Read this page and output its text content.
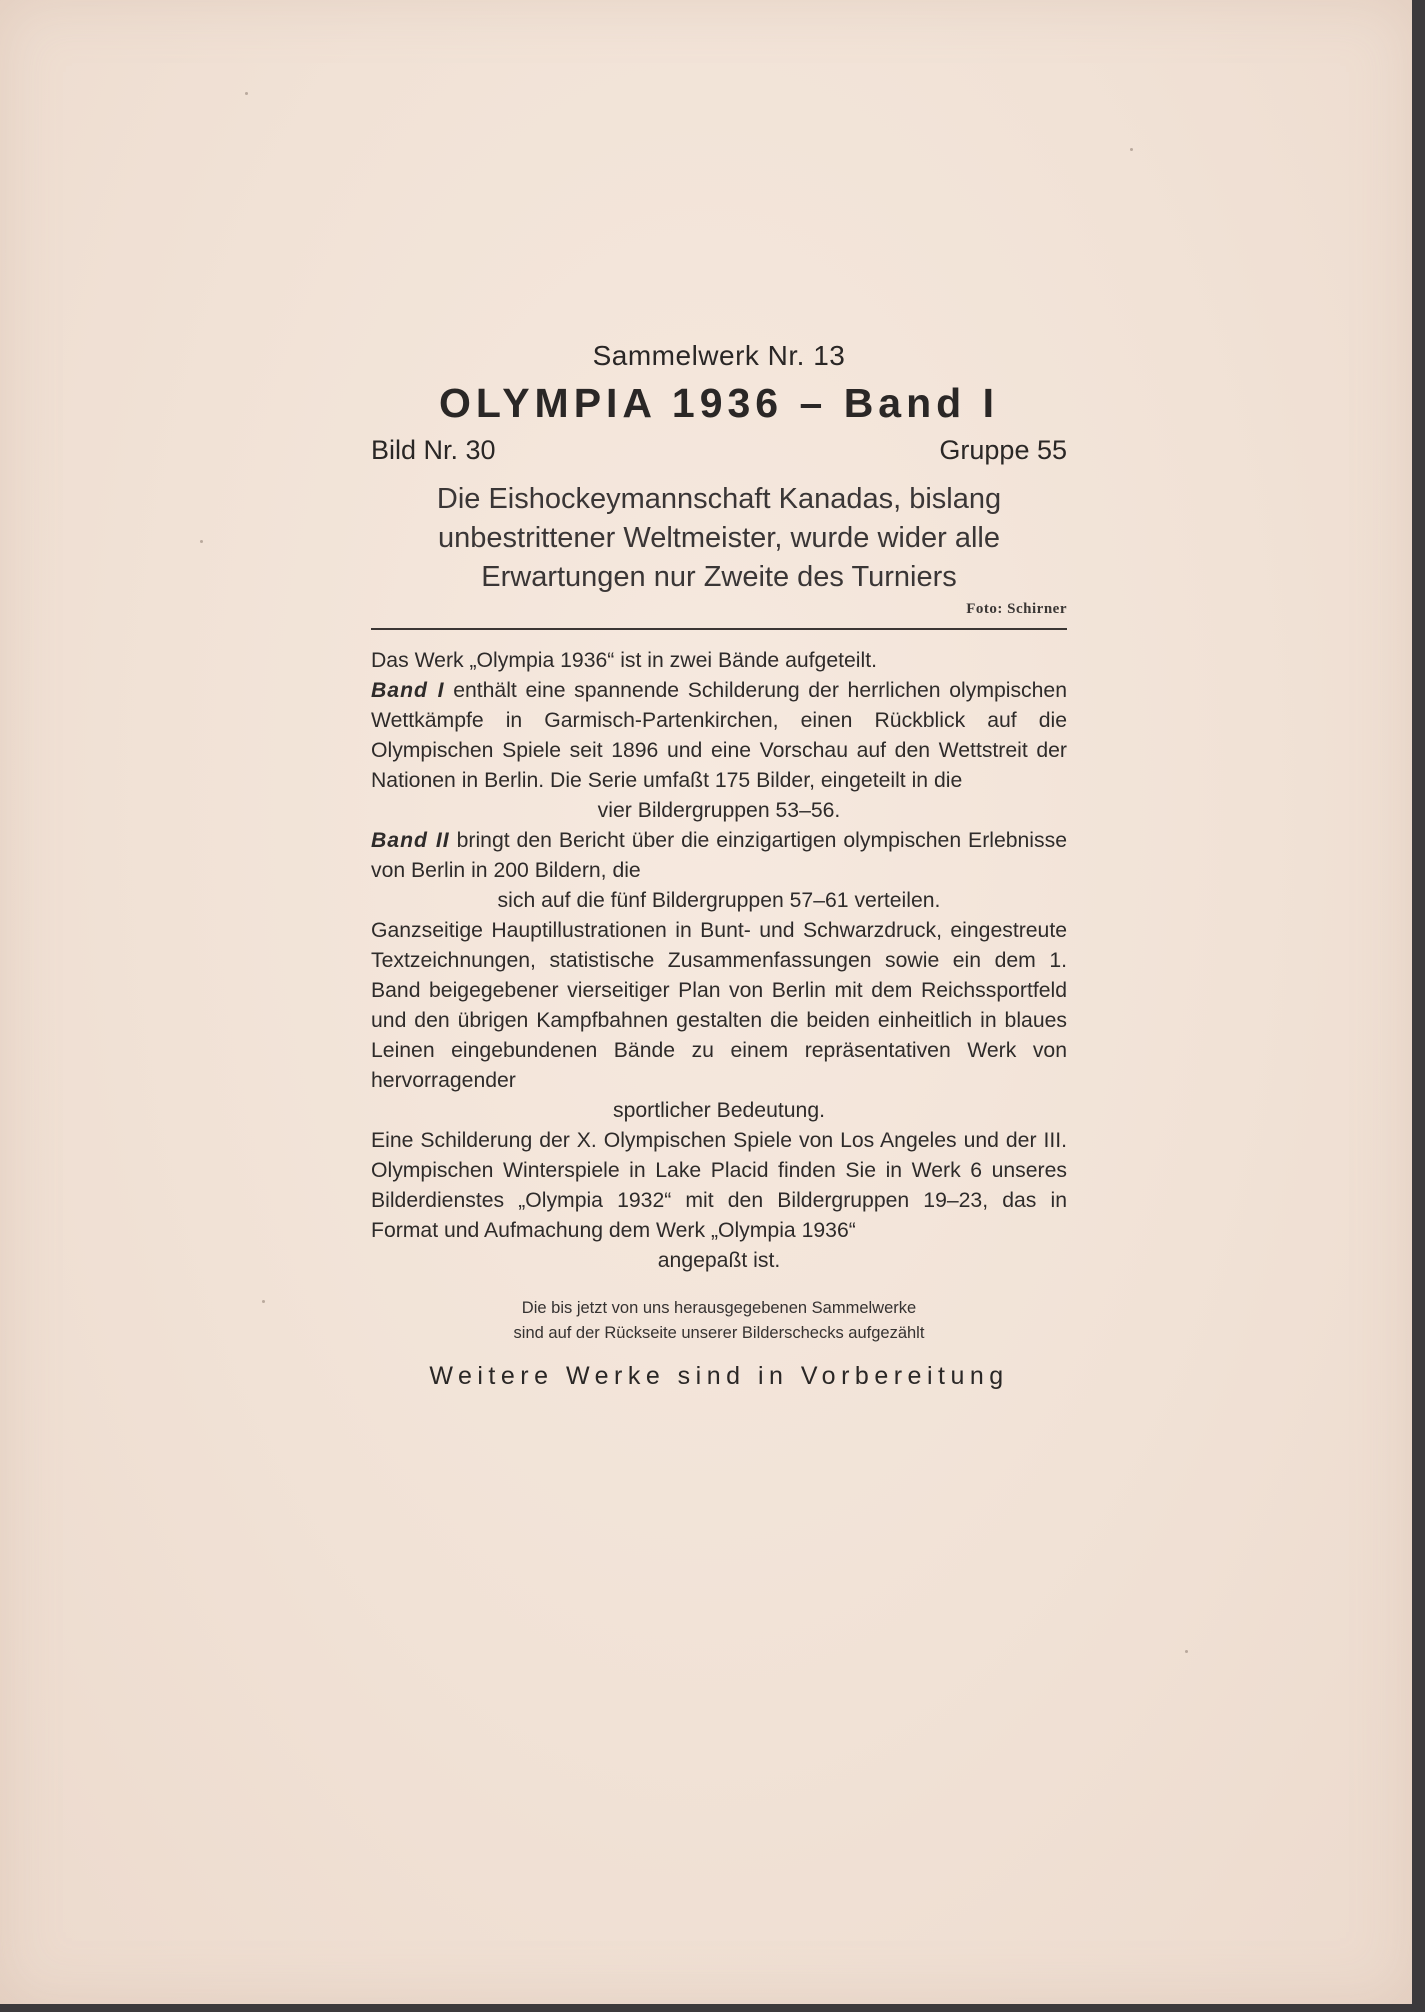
Sammelwerk Nr. 13
OLYMPIA 1936 – Band I
Bild Nr. 30	Gruppe 55
Die Eishockeymannschaft Kanadas, bislang
unbestrittener Weltmeister, wurde wider alle
Erwartungen nur Zweite des Turniers
Foto: Schirner

Das Werk „Olympia 1936“ ist in zwei Bände aufgeteilt.

Band I enthält eine spannende Schilderung der herrlichen olympischen Wettkämpfe in Garmisch-Partenkirchen, einen Rückblick auf die Olympischen Spiele seit 1896 und eine Vorschau auf den Wettstreit der Nationen in Berlin. Die Serie umfaßt 175 Bilder, eingeteilt in die

vier Bildergruppen 53–56.

Band II bringt den Bericht über die einzigartigen olympischen Erlebnisse von Berlin in 200 Bildern, die

sich auf die fünf Bildergruppen 57–61 verteilen.

Ganzseitige Hauptillustrationen in Bunt- und Schwarzdruck, eingestreute Textzeichnungen, statistische Zusammenfassungen sowie ein dem 1. Band beigegebener vierseitiger Plan von Berlin mit dem Reichssportfeld und den übrigen Kampfbahnen gestalten die beiden einheitlich in blaues Leinen eingebundenen Bände zu einem repräsentativen Werk von hervorragender

sportlicher Bedeutung.

Eine Schilderung der X. Olympischen Spiele von Los Angeles und der III. Olympischen Winterspiele in Lake Placid finden Sie in Werk 6 unseres Bilderdienstes „Olympia 1932“ mit den Bildergruppen 19–23, das in Format und Aufmachung dem Werk „Olympia 1936“

angepaßt ist.

Die bis jetzt von uns herausgegebenen Sammelwerke
sind auf der Rückseite unserer Bilderschecks aufgezählt
Weitere Werke sind in Vorbereitung
